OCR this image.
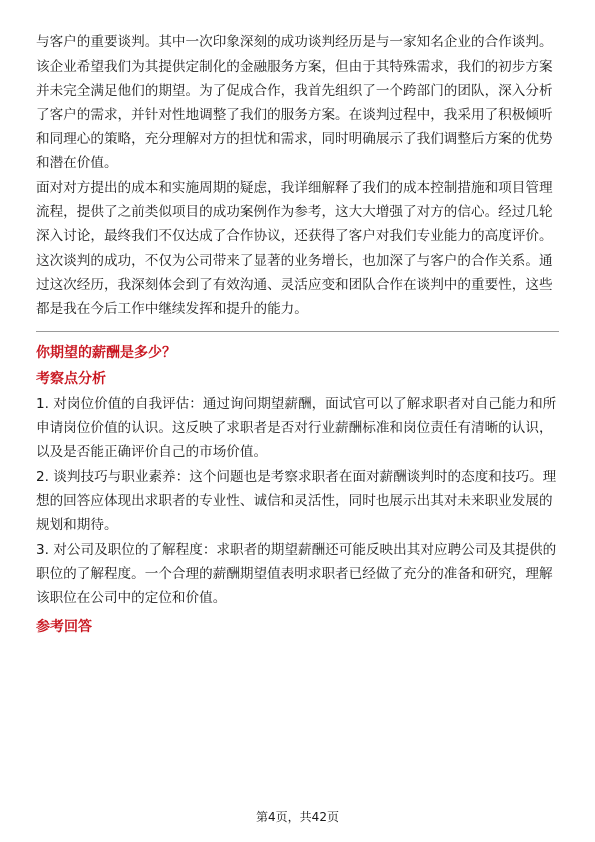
与客户的重要谈判。其中一次印象深刻的成功谈判经历是与一家知名企业的合作谈判。

该企业希望我们为其提供定制化的金融服务方案，但由于其特殊需求，我们的初步方案并未完全满足他们的期望。为了促成合作，我首先组织了一个跨部门的团队，深入分析了客户的需求，并针对性地调整了我们的服务方案。在谈判过程中，我采用了积极倾听和同理心的策略，充分理解对方的担忧和需求，同时明确展示了我们调整后方案的优势和潜在价值。

面对对方提出的成本和实施周期的疑虑，我详细解释了我们的成本控制措施和项目管理流程，提供了之前类似项目的成功案例作为参考，这大大增强了对方的信心。经过几轮深入讨论，最终我们不仅达成了合作协议，还获得了客户对我们专业能力的高度评价。

这次谈判的成功，不仅为公司带来了显著的业务增长，也加深了与客户的合作关系。通过这次经历，我深刻体会到了有效沟通、灵活应变和团队合作在谈判中的重要性，这些都是我在今后工作中继续发挥和提升的能力。

你期望的薪酬是多少？

考察点分析

1. 对岗位价值的自我评估：通过询问期望薪酬，面试官可以了解求职者对自己能力和所申请岗位价值的认识。这反映了求职者是否对行业薪酬标准和岗位责任有清晰的认识，以及是否能正确评价自己的市场价值。

2. 谈判技巧与职业素养：这个问题也是考察求职者在面对薪酬谈判时的态度和技巧。理想的回答应体现出求职者的专业性、诚信和灵活性，同时也展示出其对未来职业发展的规划和期待。

3. 对公司及职位的了解程度：求职者的期望薪酬还可能反映出其对应聘公司及其提供的职位的了解程度。一个合理的薪酬期望值表明求职者已经做了充分的准备和研究，理解该职位在公司中的定位和价值。

参考回答

第4页，共42页
